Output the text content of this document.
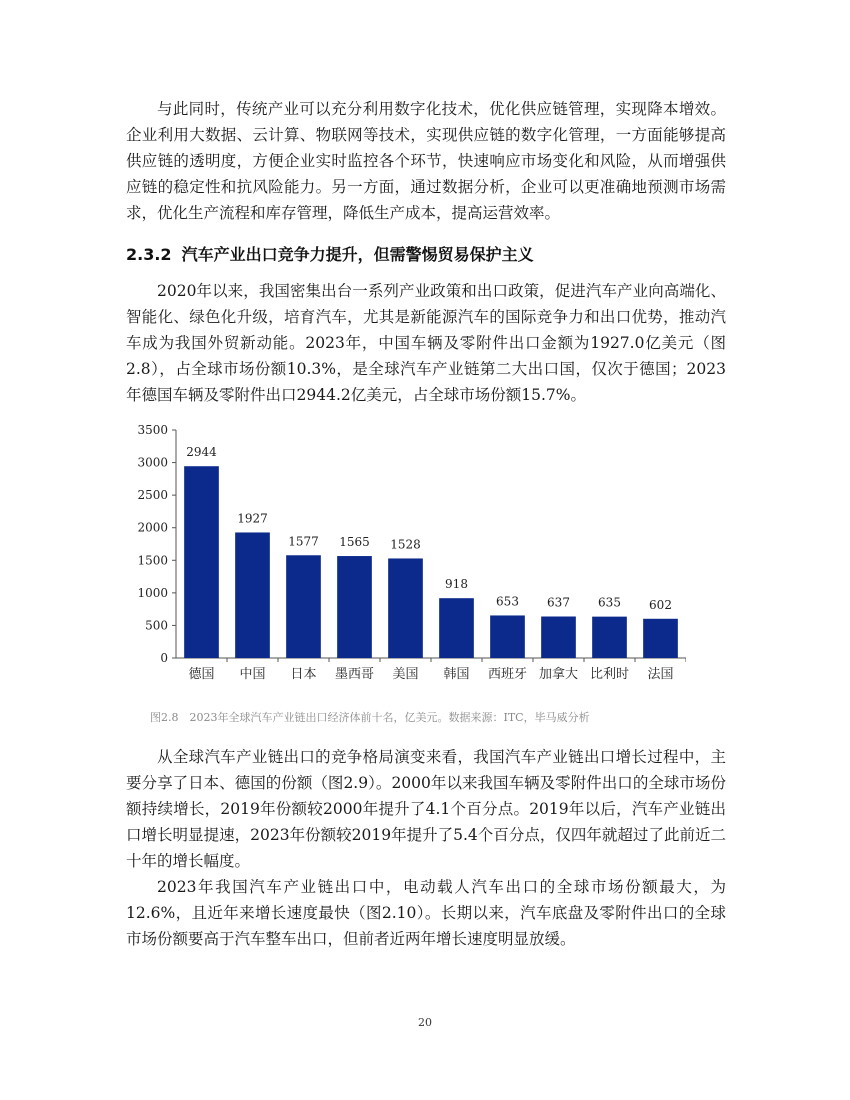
与此同时，传统产业可以充分利用数字化技术，优化供应链管理，实现降本增效。企业利用大数据、云计算、物联网等技术，实现供应链的数字化管理，一方面能够提高供应链的透明度，方便企业实时监控各个环节，快速响应市场变化和风险，从而增强供应链的稳定性和抗风险能力。另一方面，通过数据分析，企业可以更准确地预测市场需求，优化生产流程和库存管理，降低生产成本，提高运营效率。

2.3.2 汽车产业出口竞争力提升，但需警惕贸易保护主义

2020年以来，我国密集出台一系列产业政策和出口政策，促进汽车产业向高端化、智能化、绿色化升级，培育汽车，尤其是新能源汽车的国际竞争力和出口优势，推动汽车成为我国外贸新动能。2023年，中国车辆及零附件出口金额为1927.0亿美元（图2.8），占全球市场份额10.3%，是全球汽车产业链第二大出口国，仅次于德国；2023年德国车辆及零附件出口2944.2亿美元，占全球市场份额15.7%。

0
500
1000
1500
2000
2500
3000
3500
2944
德国
1927
中国
1577
日本
1565
墨西哥
1528
美国
918
韩国
653
西班牙
637
加拿大
635
比利时
602
法国

图2.8　2023年全球汽车产业链出口经济体前十名，亿美元。数据来源：ITC，毕马威分析

从全球汽车产业链出口的竞争格局演变来看，我国汽车产业链出口增长过程中，主要分享了日本、德国的份额（图2.9）。2000年以来我国车辆及零附件出口的全球市场份额持续增长，2019年份额较2000年提升了4.1个百分点。2019年以后，汽车产业链出口增长明显提速，2023年份额较2019年提升了5.4个百分点，仅四年就超过了此前近二十年的增长幅度。

2023年我国汽车产业链出口中，电动载人汽车出口的全球市场份额最大，为12.6%，且近年来增长速度最快（图2.10）。长期以来，汽车底盘及零附件出口的全球市场份额要高于汽车整车出口，但前者近两年增长速度明显放缓。

20
